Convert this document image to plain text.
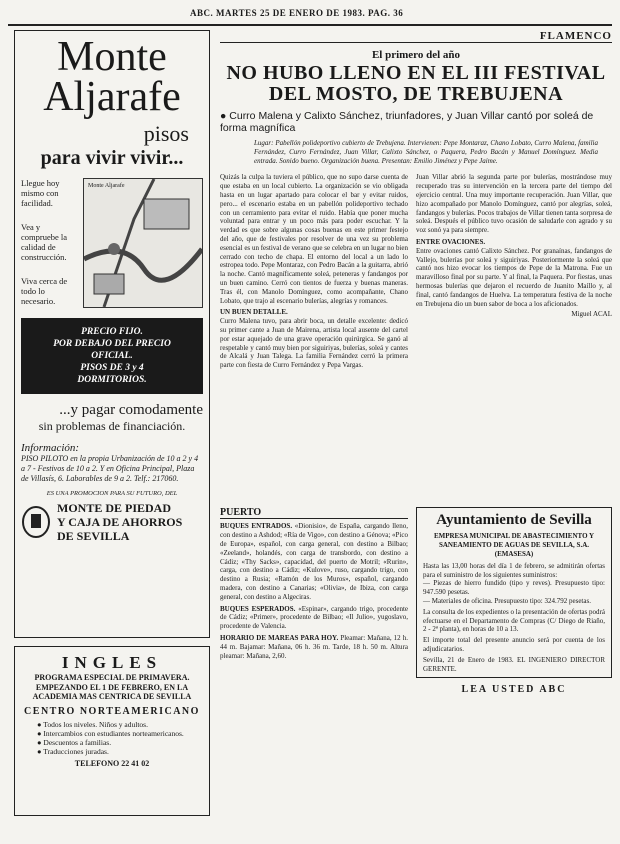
ABC. MARTES 25 DE ENERO DE 1983. PAG. 36
Monte
Aljarafe
pisos
para vivir vivir...
Llegue hoy mismo con facilidad.
Vea y compruebe la calidad de construcción.
Viva cerca de todo lo necesario.
Monte Aljarafe
PRECIO FIJO.
POR DEBAJO DEL PRECIO
OFICIAL.
PISOS DE 3 y 4
DORMITORIOS.
...y pagar comodamente
sin problemas de financiación.
Información:
PISO PILOTO en la propia Urbanización de 10 a 2 y 4 a 7 - Festivos de 10 a 2. Y en Oficina Principal, Plaza de Villasís, 6. Laborables de 9 a 2. Telf.: 217060.
ES UNA PROMOCION PARA SU FUTURO, DEL
MONTE DE PIEDAD
Y CAJA DE AHORROS
DE SEVILLA
INGLES
PROGRAMA ESPECIAL DE PRIMAVERA. EMPEZANDO EL 1 DE FEBRERO, EN LA ACADEMIA MAS CENTRICA DE SEVILLA
CENTRO NORTEAMERICANO
● Todos los niveles. Niños y adultos.
● Intercambios con estudiantes norteamericanos.
● Descuentos a familias.
● Traducciones juradas.
TELEFONO 22 41 02
FLAMENCO
El primero del año
NO HUBO LLENO EN EL III FESTIVAL DEL MOSTO, DE TREBUJENA
● Curro Malena y Calixto Sánchez, triunfadores, y Juan Villar cantó por soleá de forma magnífica
Lugar: Pabellón polideportivo cubierto de Trebujena. Intervienen: Pepe Montaraz, Chano Lobato, Curro Malena, familia Fernández, Curro Fernández, Juan Villar, Calixto Sánchez, o Paquera, Pedro Bacán y Manuel Domínguez. Media entrada. Sonido bueno. Organización buena. Presentan: Emilio Jiménez y Pepe Jaime.
Quizás la culpa la tuviera el público, que no supo darse cuenta de que estaba en un local cubierto. La organización se vio obligada hasta en un lugar apartado para colocar el bar y evitar ruidos, pero... el escenario estaba en un pabellón polideportivo techado con un cerramiento para evitar el ruido. Había que poner mucha voluntad para entrar y un poco más para poder escuchar. Y la verdad es que sobre algunas cosas buenas en este primer festejo del año, que de festivales por resolver de una vez su problema esencial es un festival de verano que se celebra en un lugar no bien cerrado con techo de chapa. El entorno del local a un lado lo estropea todo. Pepe Montaraz, con Pedro Bacán a la guitarra, abrió la noche. Cantó magníficamente soleá, peteneras y fandangos por un buen camino. Cerró con tientos de fuerza y buenas maneras. Tras él, con Manolo Domínguez, como acompañante, Chano Lobato, que trajo al escenario bulerías, alegrías y romances.
UN BUEN DETALLE.
Curro Malena tuvo, para abrir boca, un detalle excelente: dedicó su primer cante a Juan de Mairena, artista local ausente del cartel por estar aquejado de una grave operación quirúrgica. Se ganó al respetable y cantó muy bien por siguiriyas, bulerías, soleá y cantes de Alcalá y Juan Talega. La familia Fernández cerró la primera parte con fiesta de Curro Fernández y Pepa Vargas.
Juan Villar abrió la segunda parte por bulerías, mostrándose muy recuperado tras su intervención en la tercera parte del tiempo del ejercicio central. Una muy importante recuperación. Juan Villar, que hizo acompañado por Manolo Domínguez, cantó por alegrías, soleá, fandangos y bulerías. Pocos trabajos de Villar tienen tanta sorpresa de soleá. Después el público tuvo ocasión de saludarle con agrado y su voz sonó ya para siempre.
ENTRE OVACIONES.
Entre ovaciones cantó Calixto Sánchez. Por granaínas, fandangos de Vallejo, bulerías por soleá y siguiriyas. Posteriormente la soleá que cantó nos hizo evocar los tiempos de Pepe de la Matrona. Fue un maravilloso final por su parte. Y al final, la Paquera. Por fiestas, unas hermosas bulerías que dejaron el recuerdo de Juanito Maíllo y, al final, cantó fandangos de Huelva. La temperatura festiva de la noche en Trebujena dio un buen sabor de boca a los aficionados.
Miguel ACAL
PUERTO
BUQUES ENTRADOS. «Dionisio», de España, cargando lleno, con destino a Ashdod; «Ría de Vigo», con destino a Génova; «Pico de Europa», español, con carga general, con destino a Bilbao; «Zeeland», holandés, con carga de transbordo, con destino a Cádiz; «Thy Sacks», capacidad, del puerto de Motril; «Rurin», carga, con destino a Cádiz; «Kulove», ruso, cargando trigo, con destino a Rusia; «Ramón de los Muros», español, cargando madera, con destino a Canarias; «Olivia», de Ibiza, con carga general, con destino a Algeciras.
BUQUES ESPERADOS. «Espinar», cargando trigo, procedente de Cádiz; «Primer», procedente de Bilbao; «Il Julio», yugoslavo, procedente de Valencia.
HORARIO DE MAREAS PARA HOY. Pleamar: Mañana, 12 h. 44 m. Bajamar: Mañana, 06 h. 36 m. Tarde, 18 h. 50 m. Altura pleamar: Mañana, 2,60.
Ayuntamiento de Sevilla
EMPRESA MUNICIPAL DE ABASTECIMIENTO Y SANEAMIENTO DE AGUAS DE SEVILLA, S.A. (EMASESA)
Hasta las 13,00 horas del día 1 de febrero, se admitirán ofertas para el suministro de los siguientes suministros:
— Piezas de hierro fundido (tipo y reves). Presupuesto tipo: 947.590 pesetas.
— Materiales de oficina. Presupuesto tipo: 324.792 pesetas.
La consulta de los expedientes o la presentación de ofertas podrá efectuarse en el Departamento de Compras (C/ Diego de Riaño, 2 - 2ª planta), en horas de 10 a 13.
El importe total del presente anuncio será por cuenta de los adjudicatarios.
Sevilla, 21 de Enero de 1983. EL INGENIERO DIRECTOR GERENTE.
LEA USTED ABC
